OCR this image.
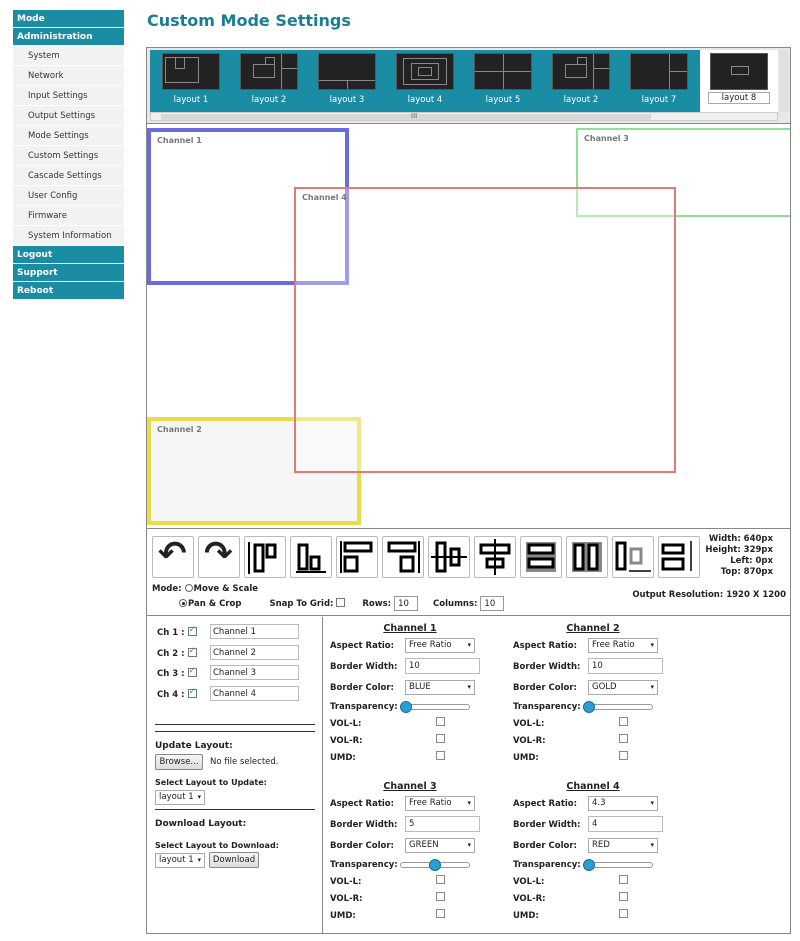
Mode
Administration
System
Network
Input Settings
Output Settings
Mode Settings
Custom Settings
Cascade Settings
User Config
Firmware
System Information
Logout
Support
Reboot
Custom Mode Settings
layout 1	layout 2	layout 3	layout 4	layout 5	layout 2	layout 7	layout 8
III
Channel 1	Channel 3
Channel 2
Channel 4
↶ ↷	Width: 640px
Height: 329px
Left: 0px
Top: 870px
Mode: Move & Scale
Pan & Crop	Snap To Grid:	Rows: 10	Columns: 10
Output Resolution: 1920 X 1200
Ch 1 : ✓	Channel 1
Ch 2 : ✓	Channel 2
Ch 3 : ✓	Channel 3
Ch 4 : ✓	Channel 4
Update Layout:
Browse...	No file selected.
Select Layout to Update:
layout 1 ▾
Download Layout:
Select Layout to Download:
layout 1 ▾	Download
Channel 1
Aspect Ratio:	Free Ratio ▾
Border Width:	10
Border Color:	BLUE	▾
Transparency:
VOL-L:
VOL-R:
UMD:
Channel 2
Aspect Ratio:	Free Ratio ▾
Border Width:	10
Border Color:	GOLD	▾
Transparency:
VOL-L:
VOL-R:
UMD:
Channel 3
Aspect Ratio:	Free Ratio ▾
Border Width:	5
Border Color:	GREEN	▾
Transparency:
VOL-L:
VOL-R:
UMD:
Channel 4
Aspect Ratio:	4.3	▾
Border Width:	4
Border Color:	RED	▾
Transparency:
VOL-L:
VOL-R:
UMD:
